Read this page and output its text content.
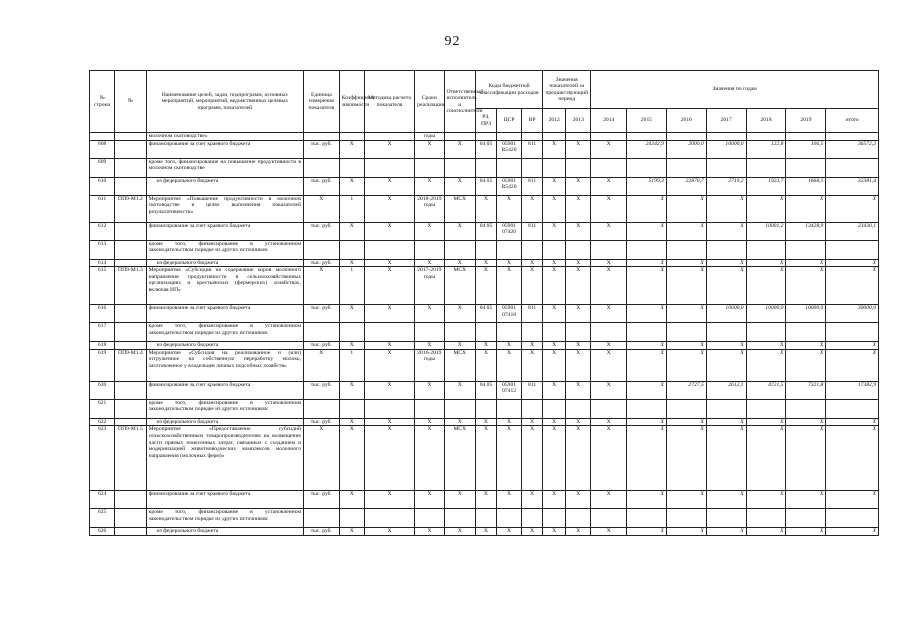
92
№ строки	№	Наименование целей, задач, подпрограмм, основных мероприятий, мероприятий, ведомственных целевых программ, показателей	Единица измерения показателя	Коэффициент значимости	Методика расчета показателя	Сроки реализации	Ответственный исполнитель и соисполнители	Коды бюджетной классификации расходов			Значения показателей за предшествующий период		Значения по годам						
								РЗ, ПРЗ	ЦСР	ВР	2012	2013	2014	2015	2016	2017	2018	2019	итого
		молочном скотоводстве»				годы													
608		финансирование за счет краевого бюджета	тыс. руб.	X	X	X	X	04 05	05901 R5420	811	X	X	X	24342,9	2000,0	10000,0	122,8	106,5	36572,2
609		кроме того, финансирование на повышение продуктивности в молочном скотоводстве																	
610		из федерального бюджета	тыс. руб.	X	X	X	X	04 05	05901 R5420	811	X	X	X	5199,3	22870,7	2719,2	1923,7	1668,5	32381,4
611	ПП9-М1.2	Мероприятие «Повышение продуктивности в молочном скотоводстве в целях выполнения показателей результативности»	X	1	X	2018-2019 годы	МСХ	X	X	X	X	X	X	X	X	X	X	X	X
612		финансирование за счет краевого бюджета	тыс. руб.	X	X	X	X	04 05	05901 07420	811	X	X	X	X	X	X	10001,2	13428,9	23430,1
613		кроме того, финансирование в установленном законодательством порядке из других источников:																	
614		из федерального бюджета	тыс. руб.	X	X	X	X	X	X	X	X	X	X	X	X	X	X	X	X
615	ПП9-М1.3	Мероприятие «Субсидия на содержание коров молочного направления продуктивности в сельскохозяйственных организациях и крестьянских (фермерских) хозяйствах, включая ИП»	X	1	X	2017-2019 годы	МСХ	X	X	X	X	X	X	X	X	X	X	X	X
616		финансирование за счет краевого бюджета	тыс. руб.	X	X	X	X	04 05	05901 07418	811	X	X	X	X	X	10000,0	10000,0	10000,0	30000,0
617		кроме того, финансирование в установленном законодательством порядке из других источников:																	
618		из федерального бюджета	тыс. руб.	X	X	X	X	X	X	X	X	X	X	X	X	X	X	X	X
619	ПП9-М1.4	Мероприятие «Субсидия на реализованное и (или) отгруженное на собственную переработку молоко, заготовленное у владельцев личных подсобных хозяйств»	X	1	X	2016-2019 годы	МСХ	X	X	X	X	X	X	X	X	X	X	X	X
620		финансирование за счет краевого бюджета	тыс. руб.	X	X	X	X	04 05	05901 07412	811	X	X	X	X	2727,5	2612,1	4721,5	7321,8	17382,9
621		кроме того, финансирование в установленном законодательством порядке из других источников:																	
622		из федерального бюджета	тыс. руб.	X	X	X	X	X	X	X	X	X	X	X	X	X	X	X	X
623	ПП9-М1.5	Мероприятие «Предоставление субсидий сельскохозяйственным товаропроизводителям на возмещение части прямых понесенных затрат, связанных с созданием и модернизацией животноводческих комплексов молочного направления (молочных ферм)»	X	X	X	X	МСХ	X	X	X	X	X	X	X	X	X	X	X	X
624		финансирование за счет краевого бюджета	тыс. руб.	X	X	X	X	X	X	X	X	X	X	X	X	X	X	X	X
625		кроме того, финансирование в установленном законодательством порядке из других источников:																	
626		из федерального бюджета	тыс. руб.	X	X	X	X	X	X	X	X	X	X	X	X	X	X	X	X
